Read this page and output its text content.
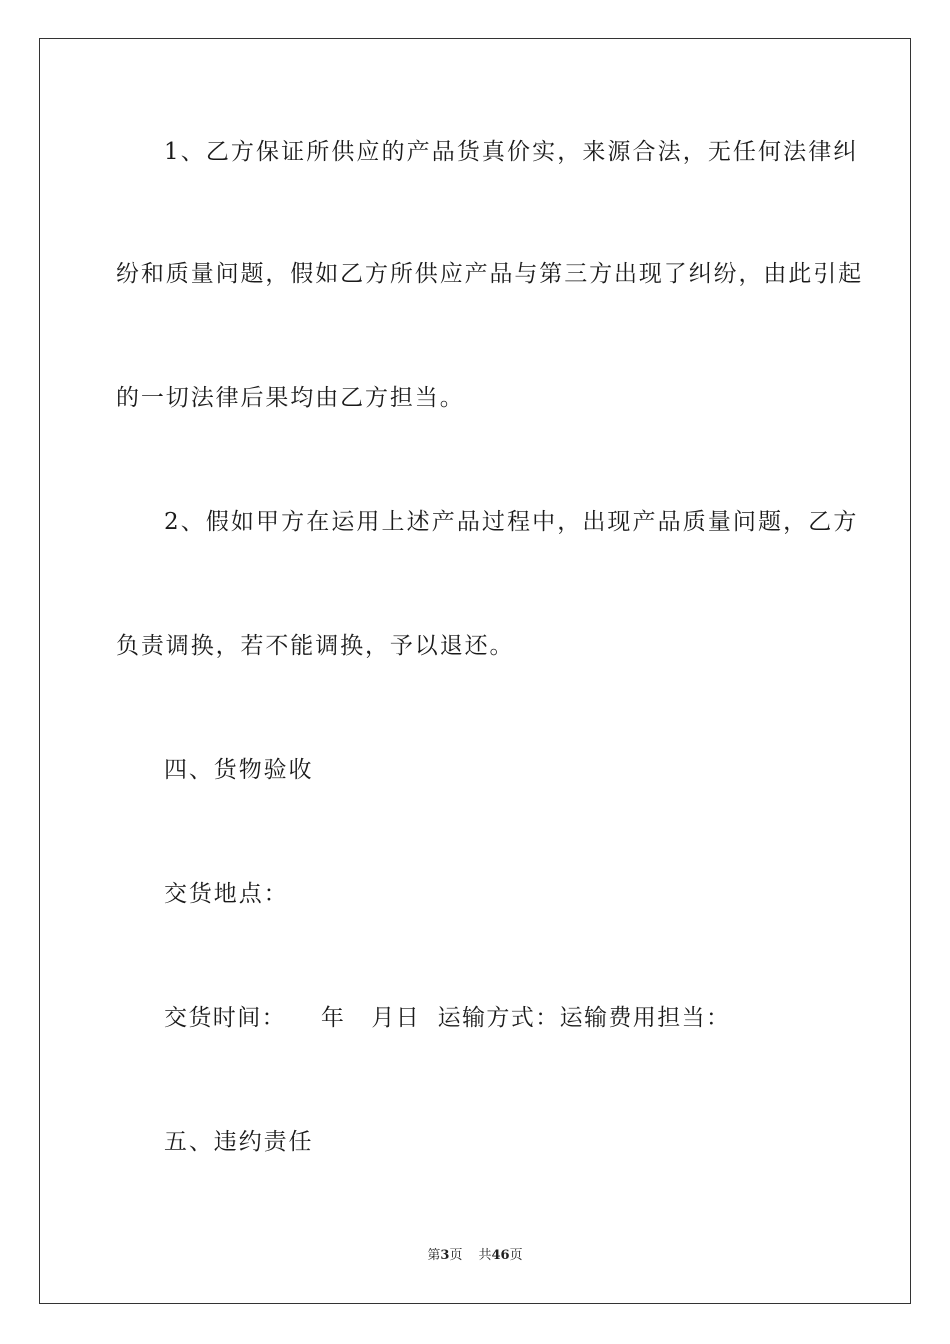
1、乙方保证所供应的产品货真价实，来源合法，无任何法律纠
纷和质量问题，假如乙方所供应产品与第三方出现了纠纷，由此引起
的一切法律后果均由乙方担当。
2、假如甲方在运用上述产品过程中，出现产品质量问题，乙方
负责调换，若不能调换，予以退还。
四、货物验收
交货地点：
交货时间：    年   月日  运输方式：运输费用担当：
五、违约责任
第3页 共46页
